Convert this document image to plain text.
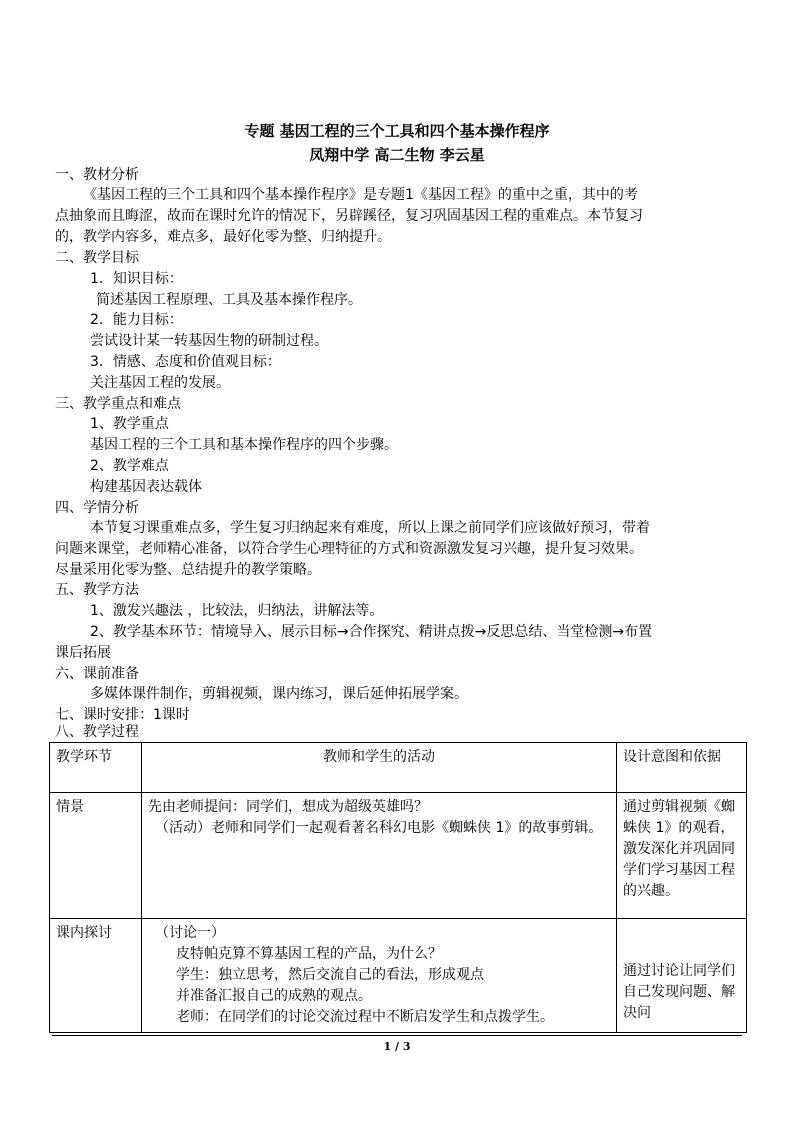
专题 基因工程的三个工具和四个基本操作程序
凤翔中学 高二生物 李云星
一、教材分析
《基因工程的三个工具和四个基本操作程序》是专题1《基因工程》的重中之重，其中的考
点抽象而且晦涩，故而在课时允许的情况下，另辟蹊径，复习巩固基因工程的重难点。本节复习
的，教学内容多，难点多，最好化零为整、归纳提升。
二、教学目标
1．知识目标：
简述基因工程原理、工具及基本操作程序。
2．能力目标：
尝试设计某一转基因生物的研制过程。
3．情感、态度和价值观目标：
关注基因工程的发展。
三、教学重点和难点
1、教学重点
基因工程的三个工具和基本操作程序的四个步骤。
2、教学难点
构建基因表达载体
四、学情分析
本节复习课重难点多，学生复习归纳起来有难度，所以上课之前同学们应该做好预习，带着
问题来课堂，老师精心准备，以符合学生心理特征的方式和资源激发复习兴趣，提升复习效果。
尽量采用化零为整、总结提升的教学策略。
五、教学方法
1、激发兴趣法 ，比较法，归纳法，讲解法等。
2、教学基本环节：情境导入、展示目标→合作探究、精讲点拨→反思总结、当堂检测→布置
课后拓展
六、课前准备
多媒体课件制作，剪辑视频，课内练习，课后延伸拓展学案。
七、课时安排：1课时
八、教学过程
教学环节	教师和学生的活动	设计意图和依据
情景	先由老师提问：同学们，想成为超级英雄吗？
（活动）老师和同学们一起观看著名科幻电影《蜘蛛侠 1》的故事剪辑。	通过剪辑视频《蜘蛛侠 1》的观看，激发深化并巩固同学们学习基因工程的兴趣。
课内探讨	（讨论一）
皮特帕克算不算基因工程的产品，为什么？
学生：独立思考，然后交流自己的看法，形成观点
并准备汇报自己的成熟的观点。
老师：在同学们的讨论交流过程中不断启发学生和点拨学生。	通过讨论让同学们自己发现问题、解决问
1 / 3
